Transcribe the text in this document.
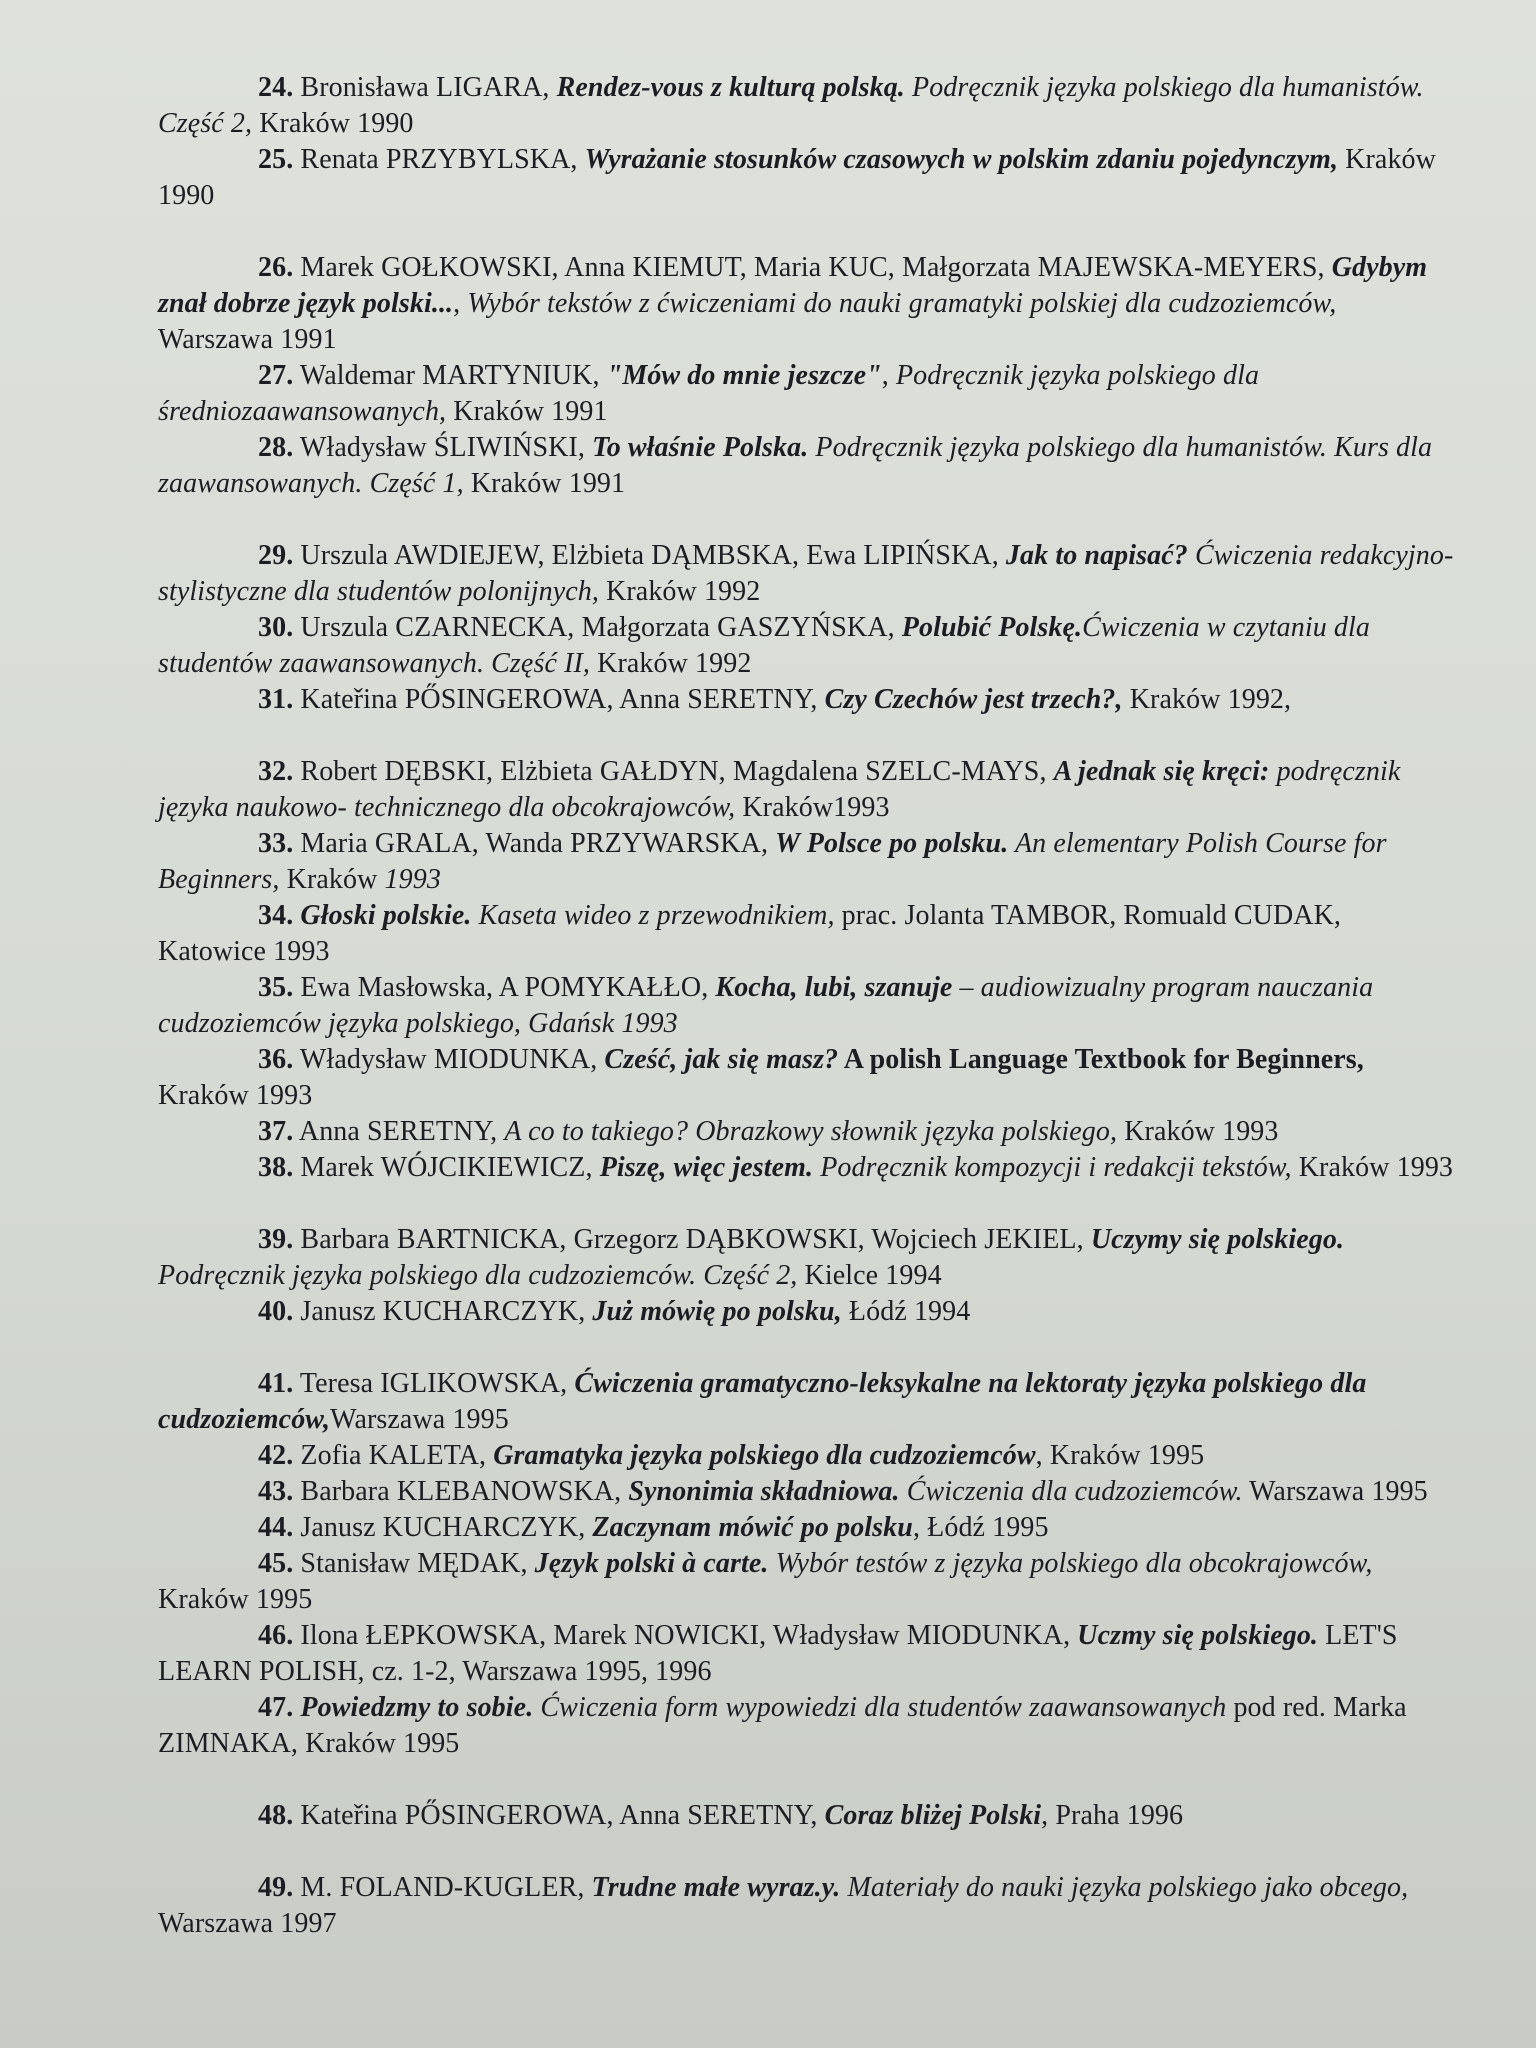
24. Bronisława LIGARA, Rendez-vous z kulturą polską. Podręcznik języka polskiego dla humanistów. Część 2, Kraków 1990
25. Renata PRZYBYLSKA, Wyrażanie stosunków czasowych w polskim zdaniu pojedynczym, Kraków 1990
26. Marek GOŁKOWSKI, Anna KIEMUT, Maria KUC, Małgorzata MAJEWSKA-MEYERS, Gdybym znał dobrze język polski..., Wybór tekstów z ćwiczeniami do nauki gramatyki polskiej dla cudzoziemców, Warszawa 1991
27. Waldemar MARTYNIUK, "Mów do mnie jeszcze", Podręcznik języka polskiego dla średniozaawansowanych, Kraków 1991
28. Władysław ŚLIWIŃSKI, To właśnie Polska. Podręcznik języka polskiego dla humanistów. Kurs dla zaawansowanych. Część 1, Kraków 1991
29. Urszula AWDIEJEW, Elżbieta DĄMBSKA, Ewa LIPIŃSKA, Jak to napisać? Ćwiczenia redakcyjno-stylistyczne dla studentów polonijnych, Kraków 1992
30. Urszula CZARNECKA, Małgorzata GASZYŃSKA, Polubić Polskę.Ćwiczenia w czytaniu dla studentów zaawansowanych. Część II, Kraków 1992
31. Kateřina PŐSINGEROWA, Anna SERETNY, Czy Czechów jest trzech?, Kraków 1992,
32. Robert DĘBSKI, Elżbieta GAŁDYN, Magdalena SZELC-MAYS, A jednak się kręci: podręcznik języka naukowo- technicznego dla obcokrajowców, Kraków1993
33. Maria GRALA, Wanda PRZYWARSKA, W Polsce po polsku. An elementary Polish Course for Beginners, Kraków 1993
34. Głoski polskie. Kaseta wideo z przewodnikiem, prac. Jolanta TAMBOR, Romuald CUDAK, Katowice 1993
35. Ewa Masłowska, A POMYKAŁŁO, Kocha, lubi, szanuje – audiowizualny program nauczania cudzoziemców języka polskiego, Gdańsk 1993
36. Władysław MIODUNKA, Cześć, jak się masz? A polish Language Textbook for Beginners, Kraków 1993
37. Anna SERETNY, A co to takiego? Obrazkowy słownik języka polskiego, Kraków 1993
38. Marek WÓJCIKIEWICZ, Piszę, więc jestem. Podręcznik kompozycji i redakcji tekstów, Kraków 1993
39. Barbara BARTNICKA, Grzegorz DĄBKOWSKI, Wojciech JEKIEL, Uczymy się polskiego. Podręcznik języka polskiego dla cudzoziemców. Część 2, Kielce 1994
40. Janusz KUCHARCZYK, Już mówię po polsku, Łódź 1994
41. Teresa IGLIKOWSKA, Ćwiczenia gramatyczno-leksykalne na lektoraty języka polskiego dla cudzoziemców,Warszawa 1995
42. Zofia KALETA, Gramatyka języka polskiego dla cudzoziemców, Kraków 1995
43. Barbara KLEBANOWSKA, Synonimia składniowa. Ćwiczenia dla cudzoziemców. Warszawa 1995
44. Janusz KUCHARCZYK, Zaczynam mówić po polsku, Łódź 1995
45. Stanisław MĘDAK, Język polski à carte. Wybór testów z języka polskiego dla obcokrajowców, Kraków 1995
46. Ilona ŁEPKOWSKA, Marek NOWICKI, Władysław MIODUNKA, Uczmy się polskiego. LET'S LEARN POLISH, cz. 1-2, Warszawa 1995, 1996
47. Powiedzmy to sobie. Ćwiczenia form wypowiedzi dla studentów zaawansowanych pod red. Marka ZIMNAKA, Kraków 1995
48. Kateřina PŐSINGEROWA, Anna SERETNY, Coraz bliżej Polski, Praha 1996
49. M. FOLAND-KUGLER, Trudne małe wyraz.y. Materiały do nauki języka polskiego jako obcego, Warszawa 1997
